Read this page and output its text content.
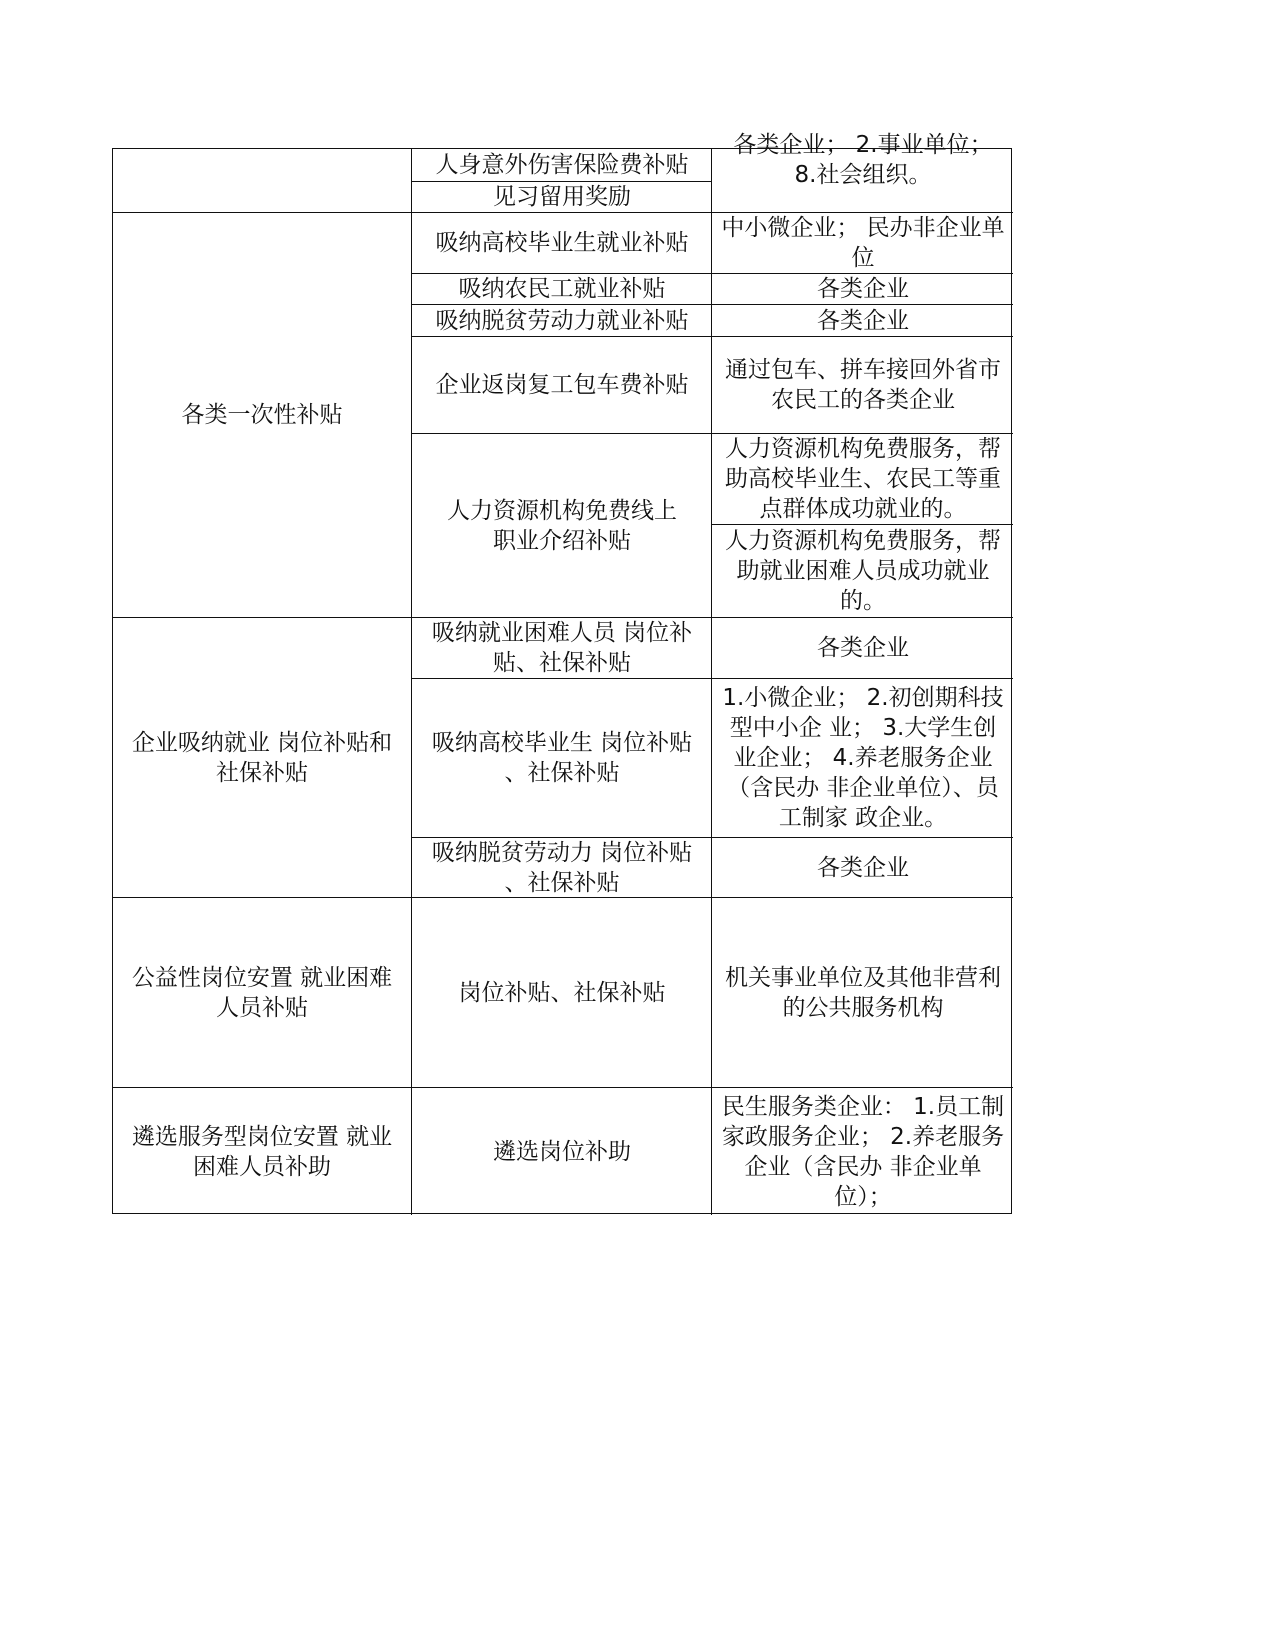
人身意外伤害保险费补贴
见习留用奖励
各类企业； 2.事业单位；
8.社会组织。
各类一次性补贴
吸纳高校毕业生就业补贴
中小微企业； 民办非企业单位
吸纳农民工就业补贴	各类企业
吸纳脱贫劳动力就业补贴	各类企业
企业返岗复工包车费补贴
通过包车、拼车接回外省市农民工的各类企业
人力资源机构免费线上 职业介绍补贴
人力资源机构免费服务，帮助高校毕业生、农民工等重点群体成功就业的。
人力资源机构免费服务，帮助就业困难人员成功就业的。
企业吸纳就业 岗位补贴和社保补贴
吸纳就业困难人员 岗位补贴、社保补贴
各类企业
吸纳高校毕业生 岗位补贴 、社保补贴
1.小微企业； 2.初创期科技型中小企 业； 3.大学生创业企业； 4.养老服务企业（含民办 非企业单位）、员工制家 政企业。
吸纳脱贫劳动力 岗位补贴 、社保补贴
各类企业
公益性岗位安置 就业困难人员补贴
岗位补贴、社保补贴
机关事业单位及其他非营利的公共服务机构
遴选服务型岗位安置 就业困难人员补助
遴选岗位补助
民生服务类企业： 1.员工制家政服务企业； 2.养老服务企业（含民办 非企业单位）；
